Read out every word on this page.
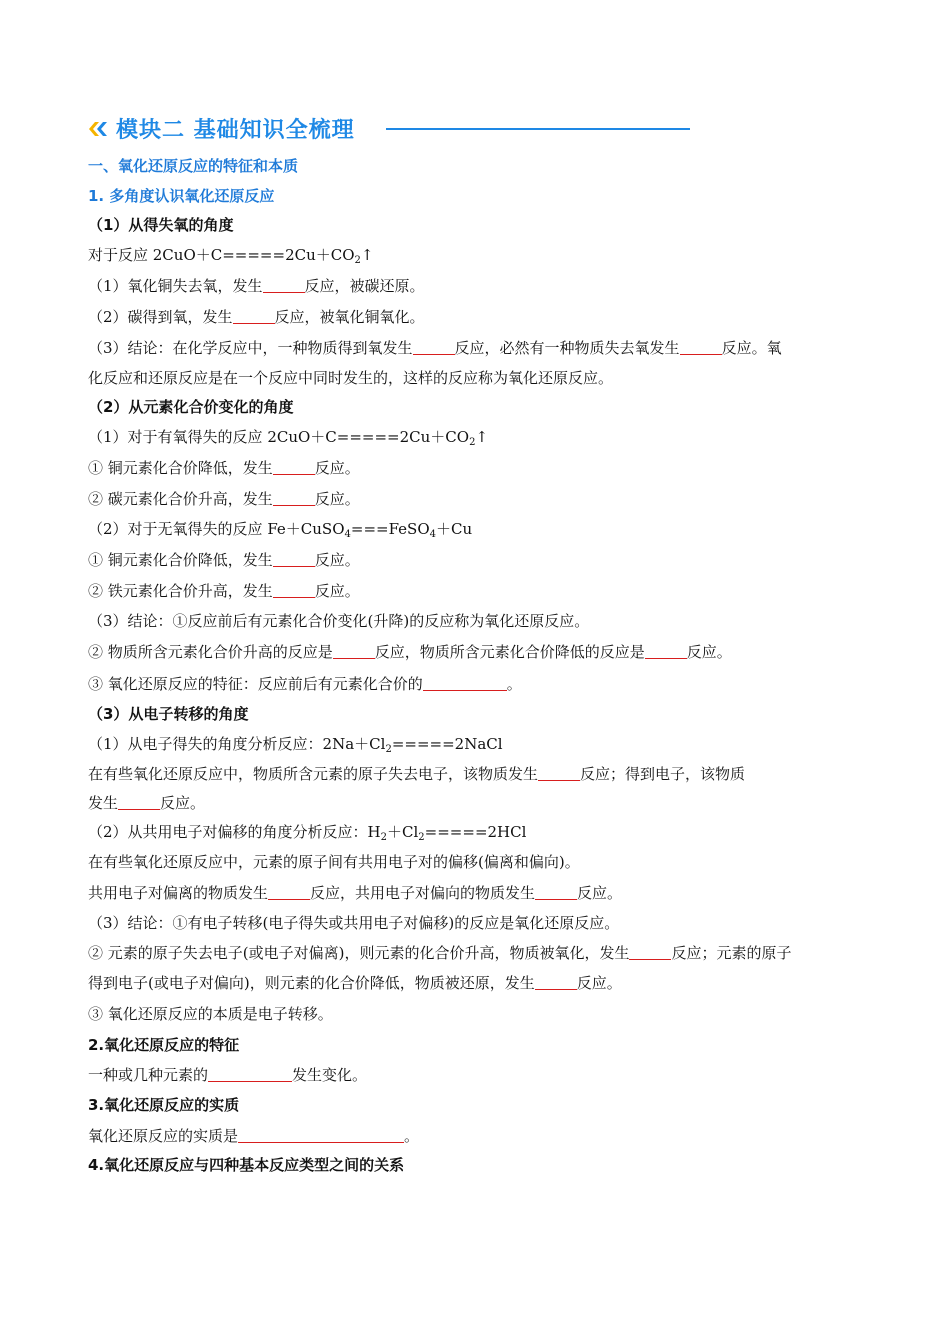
模块二 基础知识全梳理
一、氧化还原反应的特征和本质
1. 多角度认识氧化还原反应
（1）从得失氧的角度
对于反应 $2CuO+C=====2Cu+CO_2↑$
（1）氧化铜失去氧，发生	反应，被碳还原。
（2）碳得到氧，发生	反应，被氧化铜氧化。
（3）结论：在化学反应中，一种物质得到氧发生	反应，必然有一种物质失去氧发生	反应。氧
化反应和还原反应是在一个反应中同时发生的，这样的反应称为氧化还原反应。
（2）从元素化合价变化的角度
（1）对于有氧得失的反应 $2CuO+C=====2Cu+CO_2↑$
① 铜元素化合价降低，发生	反应。
② 碳元素化合价升高，发生	反应。
（2）对于无氧得失的反应 Fe＋CuSO$_4$===FeSO$_4$＋Cu
① 铜元素化合价降低，发生	反应。
② 铁元素化合价升高，发生	反应。
（3）结论：①反应前后有元素化合价变化(升降)的反应称为氧化还原反应。
② 物质所含元素化合价升高的反应是	反应，物质所含元素化合价降低的反应是	反应。
③ 氧化还原反应的特征：反应前后有元素化合价的	。
（3）从电子转移的角度
（1）从电子得失的角度分析反应：$2Na+Cl_2=====2NaCl$
在有些氧化还原反应中，物质所含元素的原子失去电子，该物质发生	反应；得到电子，该物质
发生	反应。
（2）从共用电子对偏移的角度分析反应：$H_2+Cl_2=====2HCl$
在有些氧化还原反应中，元素的原子间有共用电子对的偏移(偏离和偏向)。
共用电子对偏离的物质发生	反应，共用电子对偏向的物质发生	反应。
（3）结论：①有电子转移(电子得失或共用电子对偏移)的反应是氧化还原反应。
② 元素的原子失去电子(或电子对偏离)，则元素的化合价升高，物质被氧化，发生	反应；元素的原子
得到电子(或电子对偏向)，则元素的化合价降低，物质被还原，发生	反应。
③ 氧化还原反应的本质是电子转移。
2.氧化还原反应的特征
一种或几种元素的	发生变化。
3.氧化还原反应的实质
氧化还原反应的实质是	。
4.氧化还原反应与四种基本反应类型之间的关系
